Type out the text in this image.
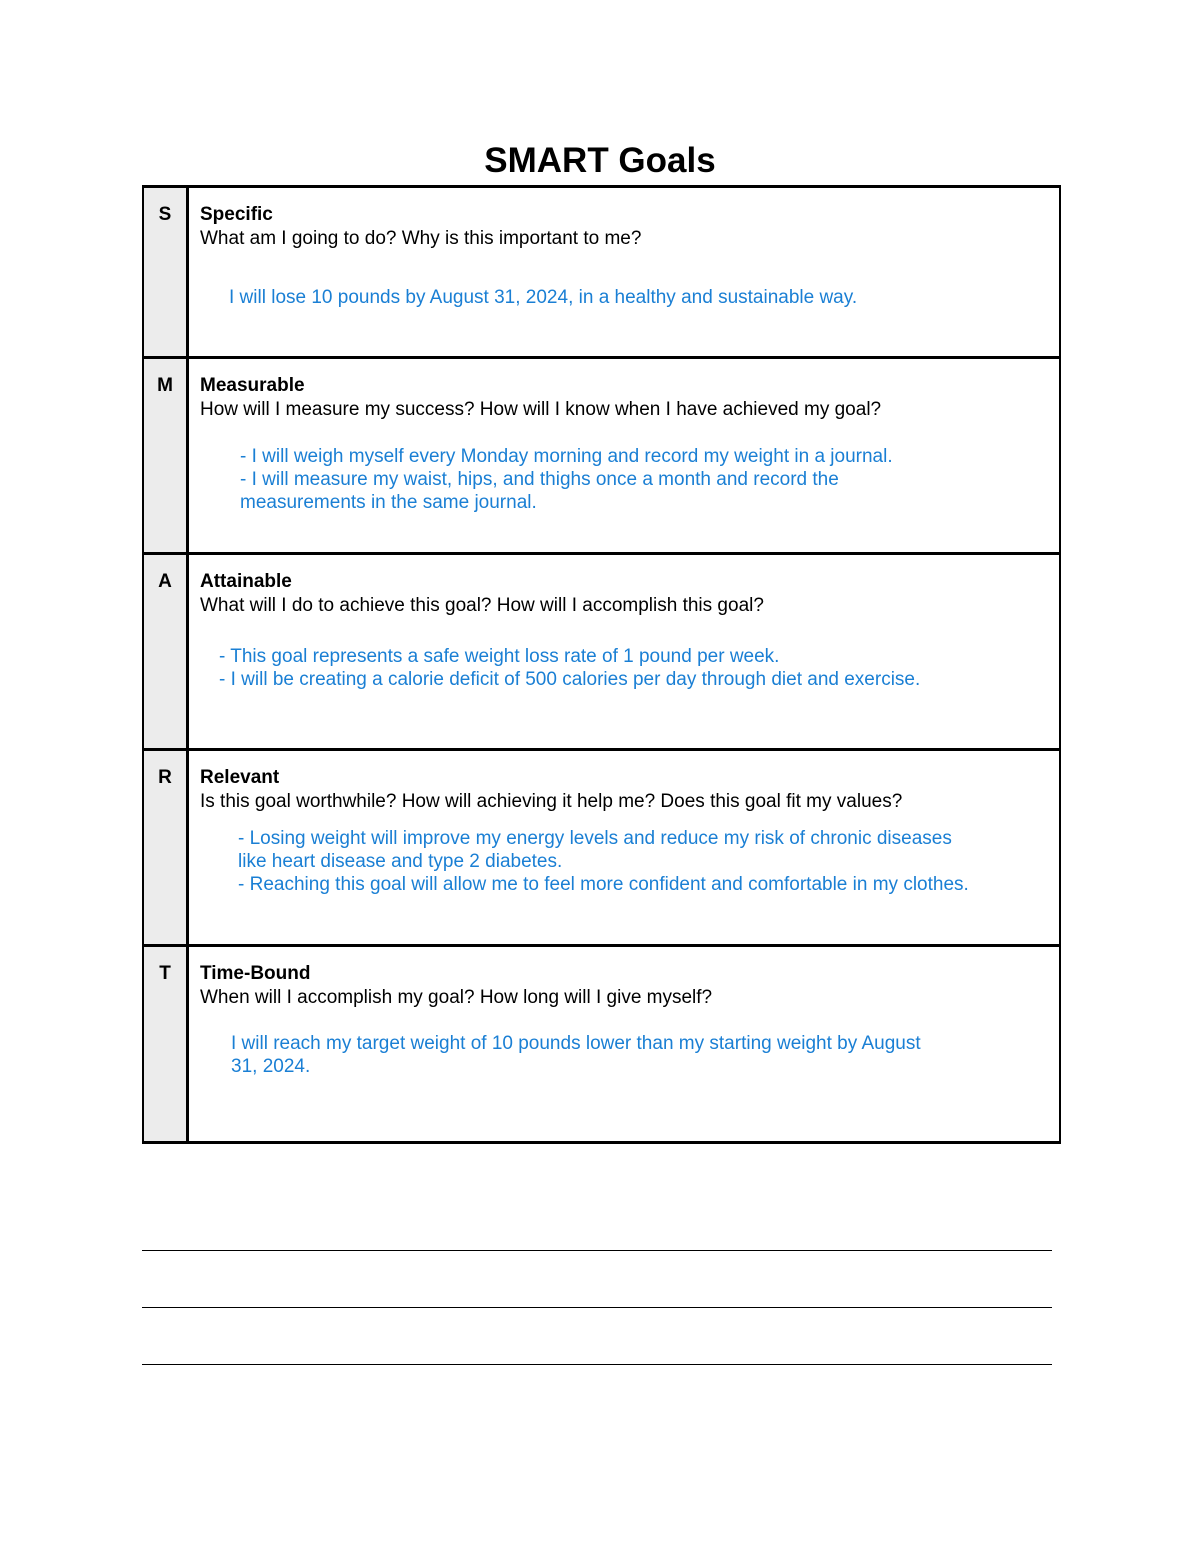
SMART Goals
S	Specific
What am I going to do? Why is this important to me?
I will lose 10 pounds by August 31, 2024, in a healthy and sustainable way.
M	Measurable
How will I measure my success? How will I know when I have achieved my goal?
- I will weigh myself every Monday morning and record my weight in a journal.
- I will measure my waist, hips, and thighs once a month and record the measurements in the same journal.
A	Attainable
What will I do to achieve this goal? How will I accomplish this goal?
- This goal represents a safe weight loss rate of 1 pound per week.
- I will be creating a calorie deficit of 500 calories per day through diet and exercise.
R	Relevant
Is this goal worthwhile? How will achieving it help me? Does this goal fit my values?
- Losing weight will improve my energy levels and reduce my risk of chronic diseases like heart disease and type 2 diabetes.
- Reaching this goal will allow me to feel more confident and comfortable in my clothes.
T	Time-Bound
When will I accomplish my goal? How long will I give myself?
I will reach my target weight of 10 pounds lower than my starting weight by August 31, 2024.
